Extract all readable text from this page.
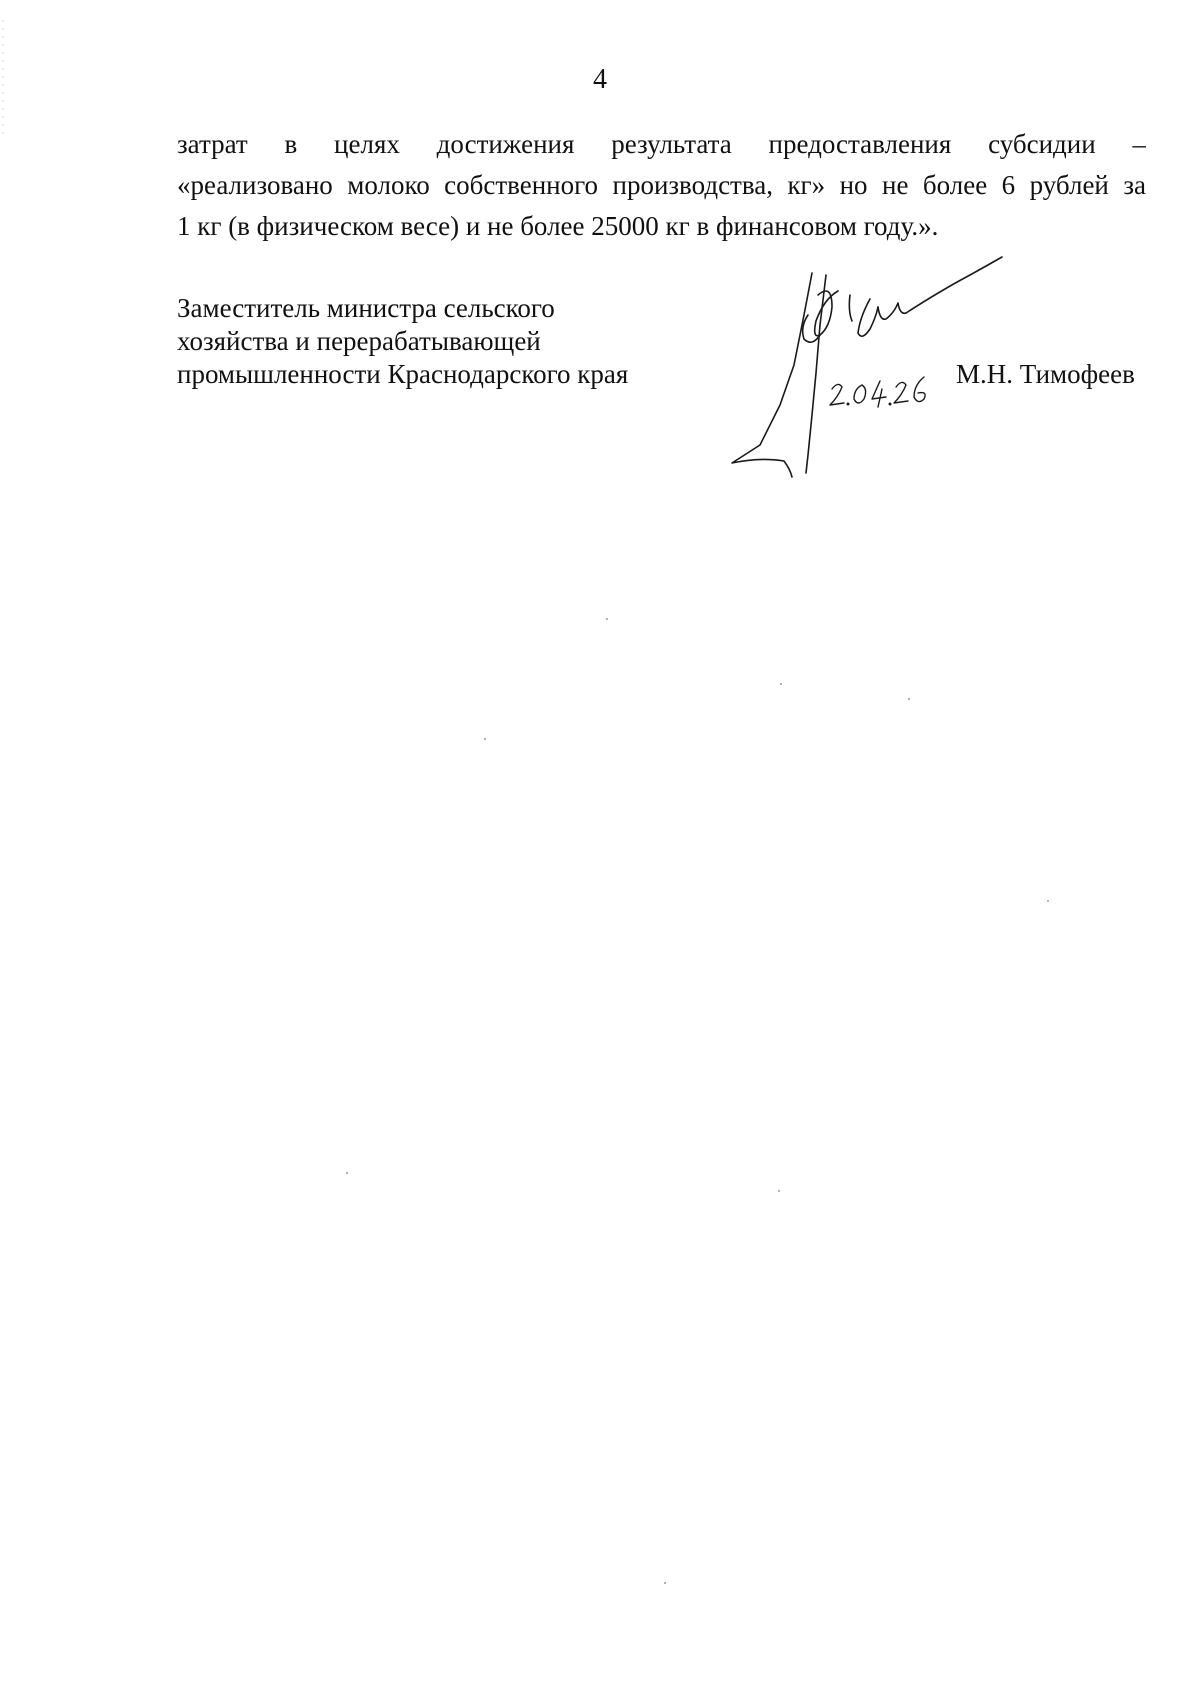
4
затрат в целях достижения результата предоставления субсидии –
«реализовано молоко собственного производства, кг» но не более 6 рублей за
1 кг (в физическом весе) и не более 25000 кг в финансовом году.».
Заместитель министра сельского
хозяйства и перерабатывающей
промышленности Краснодарского края	М.Н. Тимофеев
